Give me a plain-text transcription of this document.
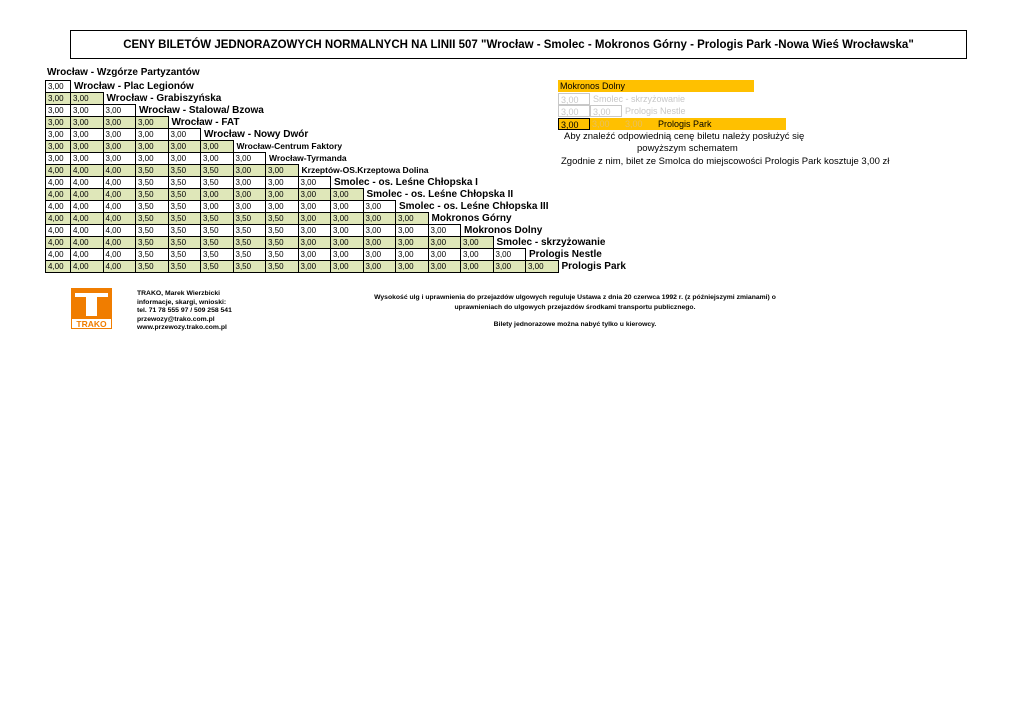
CENY BILETÓW JEDNORAZOWYCH NORMALNYCH NA LINII 507 "Wrocław - Smolec - Mokronos Górny - Prologis Park -Nowa Wieś Wrocławska"
Wrocław - Wzgórze Partyzantów
3,00	Wrocław - Plac Legionów															
3,00	3,00	Wrocław - Grabiszyńska														
3,00	3,00	3,00	Wrocław - Stalowa/ Bzowa													
3,00	3,00	3,00	3,00	Wrocław - FAT												
3,00	3,00	3,00	3,00	3,00	Wrocław - Nowy Dwór											
3,00	3,00	3,00	3,00	3,00	3,00	Wrocław-Centrum Faktory										
3,00	3,00	3,00	3,00	3,00	3,00	3,00	Wrocław-Tyrmanda									
4,00	4,00	4,00	3,50	3,50	3,50	3,00	3,00	Krzeptów-OS.Krzeptowa Dolina								
4,00	4,00	4,00	3,50	3,50	3,50	3,00	3,00	3,00	Smolec - os. Leśne Chłopska I							
4,00	4,00	4,00	3,50	3,50	3,00	3,00	3,00	3,00	3,00	Smolec - os. Leśne Chłopska II						
4,00	4,00	4,00	3,50	3,50	3,00	3,00	3,00	3,00	3,00	3,00	Smolec - os. Leśne Chłopska III					
4,00	4,00	4,00	3,50	3,50	3,50	3,50	3,50	3,00	3,00	3,00	3,00	Mokronos Górny				
4,00	4,00	4,00	3,50	3,50	3,50	3,50	3,50	3,00	3,00	3,00	3,00	3,00	Mokronos Dolny			
4,00	4,00	4,00	3,50	3,50	3,50	3,50	3,50	3,00	3,00	3,00	3,00	3,00	3,00	Smolec - skrzyżowanie		
4,00	4,00	4,00	3,50	3,50	3,50	3,50	3,50	3,00	3,00	3,00	3,00	3,00	3,00	3,00	Prologis Nestle	
4,00	4,00	4,00	3,50	3,50	3,50	3,50	3,50	3,00	3,00	3,00	3,00	3,00	3,00	3,00	3,00	Prologis Park
Mokronos Dolny
3,00	Smolec - skrzyżowanie
3,00	3,00	Prologis Nestle
3,00	3,00	3,00	Prologis Park
Aby znaleźć odpowiednią cenę biletu należy posłużyć się
powyższym schematem
Zgodnie z nim, bilet ze Smolca do miejscowości Prologis Park kosztuje 3,00 zł
TRAKO
TRAKO, Marek Wierzbicki
informacje, skargi, wnioski:
tel. 71 78 555 97 / 509 258 541
przewozy@trako.com.pl
www.przewozy.trako.com.pl
Wysokość ulg i uprawnienia do przejazdów ulgowych reguluje Ustawa z dnia 20 czerwca 1992 r. (z późniejszymi zmianami) o
uprawnieniach do ulgowych przejazdów środkami transportu publicznego.
Bilety jednorazowe można nabyć tylko u kierowcy.
